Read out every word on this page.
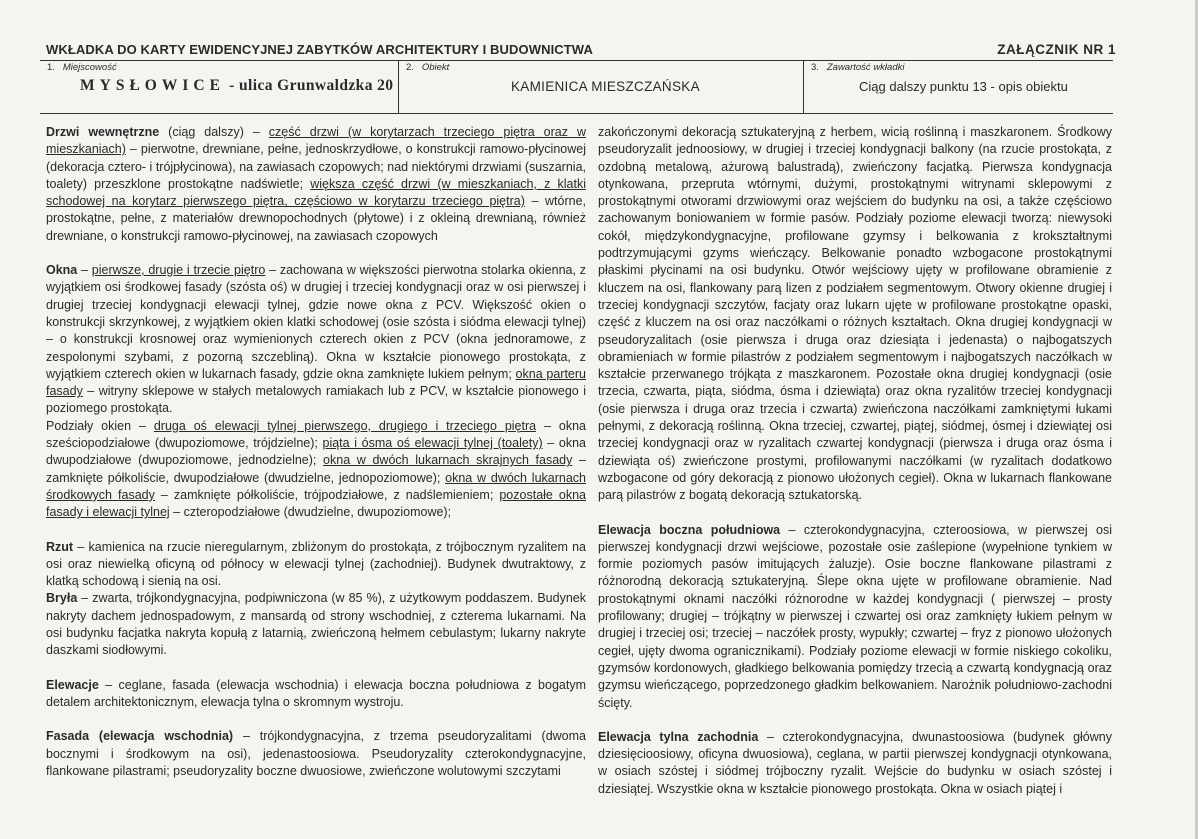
WKŁADKA DO KARTY EWIDENCYJNEJ ZABYTKÓW ARCHITEKTURY I BUDOWNICTWA	ZAŁĄCZNIK NR 1
1. Miejscowość
MYSŁOWICE - ulica Grunwaldzka 20
2. Obiekt
KAMIENICA MIESZCZAŃSKA
3. Zawartość wkładki
Ciąg dalszy punktu 13 - opis obiektu

Drzwi wewnętrzne (ciąg dalszy) – część drzwi (w korytarzach trzeciego piętra oraz w mieszkaniach) – pierwotne, drewniane, pełne, jednoskrzydłowe, o konstrukcji ramowo-płycinowej (dekoracja cztero- i trójpłycinowa), na zawiasach czopowych; nad niektórymi drzwiami (suszarnia, toalety) przeszklone prostokątne nadświetle; większa część drzwi (w mieszkaniach, z klatki schodowej na korytarz pierwszego piętra, częściowo w korytarzu trzeciego piętra) – wtórne, prostokątne, pełne, z materiałów drewnopochodnych (płytowe) i z okleiną drewnianą, również drewniane, o konstrukcji ramowo-płycinowej, na zawiasach czopowych

Okna – pierwsze, drugie i trzecie piętro – zachowana w większości pierwotna stolarka okienna, z wyjątkiem osi środkowej fasady (szósta oś) w drugiej i trzeciej kondygnacji oraz w osi pierwszej i drugiej trzeciej kondygnacji elewacji tylnej, gdzie nowe okna z PCV. Większość okien o konstrukcji skrzynkowej, z wyjątkiem okien klatki schodowej (osie szósta i siódma elewacji tylnej) – o konstrukcji krosnowej oraz wymienionych czterech okien z PCV (okna jednoramowe, z zespolonymi szybami, z pozorną szczebliną). Okna w kształcie pionowego prostokąta, z wyjątkiem czterech okien w lukarnach fasady, gdzie okna zamknięte lukiem pełnym; okna parteru fasady – witryny sklepowe w stałych metalowych ramiakach lub z PCV, w kształcie pionowego i poziomego prostokąta.

Podziały okien – druga oś elewacji tylnej pierwszego, drugiego i trzeciego piętra – okna sześciopodziałowe (dwupoziomowe, trójdzielne); piąta i ósma oś elewacji tylnej (toalety) – okna dwupodziałowe (dwupoziomowe, jednodzielne); okna w dwóch lukarnach skrajnych fasady – zamknięte półkoliście, dwupodziałowe (dwudzielne, jednopoziomowe); okna w dwóch lukarnach środkowych fasady – zamknięte półkoliście, trójpodziałowe, z nadślemieniem; pozostałe okna fasady i elewacji tylnej – czteropodziałowe (dwudzielne, dwupoziomowe);

Rzut – kamienica na rzucie nieregularnym, zbliżonym do prostokąta, z trójbocznym ryzalitem na osi oraz niewielką oficyną od północy w elewacji tylnej (zachodniej). Budynek dwutraktowy, z klatką schodową i sienią na osi.

Bryła – zwarta, trójkondygnacyjna, podpiwniczona (w 85 %), z użytkowym poddaszem. Budynek nakryty dachem jednospadowym, z mansardą od strony wschodniej, z czterema lukarnami. Na osi budynku facjatka nakryta kopułą z latarnią, zwieńczoną hełmem cebulastym; lukarny nakryte daszkami siodłowymi.

Elewacje – ceglane, fasada (elewacja wschodnia) i elewacja boczna południowa z bogatym detalem architektonicznym, elewacja tylna o skromnym wystroju.

Fasada (elewacja wschodnia) – trójkondygnacyjna, z trzema pseudoryzalitami (dwoma bocznymi i środkowym na osi), jedenastoosiowa. Pseudoryzality czterokondygnacyjne, flankowane pilastrami; pseudoryzality boczne dwuosiowe, zwieńczone wolutowymi szczytami

zakończonymi dekoracją sztukateryjną z herbem, wicią roślinną i maszkaronem. Środkowy pseudoryzalit jednoosiowy, w drugiej i trzeciej kondygnacji balkony (na rzucie prostokąta, z ozdobną metalową, ażurową balustradą), zwieńczony facjatką. Pierwsza kondygnacja otynkowana, przepruta wtórnymi, dużymi, prostokątnymi witrynami sklepowymi z prostokątnymi otworami drzwiowymi oraz wejściem do budynku na osi, a także częściowo zachowanym boniowaniem w formie pasów. Podziały poziome elewacji tworzą: niewysoki cokół, międzykondygnacyjne, profilowane gzymsy i belkowania z krokształtnymi podtrzymującymi gzyms wieńczący. Belkowanie ponadto wzbogacone prostokątnymi płaskimi płycinami na osi budynku. Otwór wejściowy ujęty w profilowane obramienie z kluczem na osi, flankowany parą lizen z podziałem segmentowym. Otwory okienne drugiej i trzeciej kondygnacji szczytów, facjaty oraz lukarn ujęte w profilowane prostokątne opaski, część z kluczem na osi oraz naczółkami o różnych kształtach. Okna drugiej kondygnacji w pseudoryzalitach (osie pierwsza i druga oraz dziesiąta i jedenasta) o najbogatszych obramieniach w formie pilastrów z podziałem segmentowym i najbogatszych naczółkach w kształcie przerwanego trójkąta z maszkaronem. Pozostałe okna drugiej kondygnacji (osie trzecia, czwarta, piąta, siódma, ósma i dziewiąta) oraz okna ryzalitów trzeciej kondygnacji (osie pierwsza i druga oraz trzecia i czwarta) zwieńczona naczółkami zamkniętymi łukami pełnymi, z dekoracją roślinną. Okna trzeciej, czwartej, piątej, siódmej, ósmej i dziewiątej osi trzeciej kondygnacji oraz w ryzalitach czwartej kondygnacji (pierwsza i druga oraz ósma i dziewiąta oś) zwieńczone prostymi, profilowanymi naczółkami (w ryzalitach dodatkowo wzbogacone od góry dekoracją z pionowo ułożonych cegieł). Okna w lukarnach flankowane parą pilastrów z bogatą dekoracją sztukatorską.

Elewacja boczna południowa – czterokondygnacyjna, czteroosiowa, w pierwszej osi pierwszej kondygnacji drzwi wejściowe, pozostałe osie zaślepione (wypełnione tynkiem w formie poziomych pasów imitujących żaluzje). Osie boczne flankowane pilastrami z różnorodną dekoracją sztukateryjną. Ślepe okna ujęte w profilowane obramienie. Nad prostokątnymi oknami naczółki różnorodne w każdej kondygnacji ( pierwszej – prosty profilowany; drugiej – trójkątny w pierwszej i czwartej osi oraz zamknięty łukiem pełnym w drugiej i trzeciej osi; trzeciej – naczółek prosty, wypukły; czwartej – fryz z pionowo ułożonych cegieł, ujęty dwoma ogranicznikami). Podziały poziome elewacji w formie niskiego cokoliku, gzymsów kordonowych, gładkiego belkowania pomiędzy trzecią a czwartą kondygnacją oraz gzymsu wieńczącego, poprzedzonego gładkim belkowaniem. Narożnik południowo-zachodni ścięty.

Elewacja tylna zachodnia – czterokondygnacyjna, dwunastoosiowa (budynek główny dziesięcioosiowy, oficyna dwuosiowa), ceglana, w partii pierwszej kondygnacji otynkowana, w osiach szóstej i siódmej trójboczny ryzalit. Wejście do budynku w osiach szóstej i dziesiątej. Wszystkie okna w kształcie pionowego prostokąta. Okna w osiach piątej i
